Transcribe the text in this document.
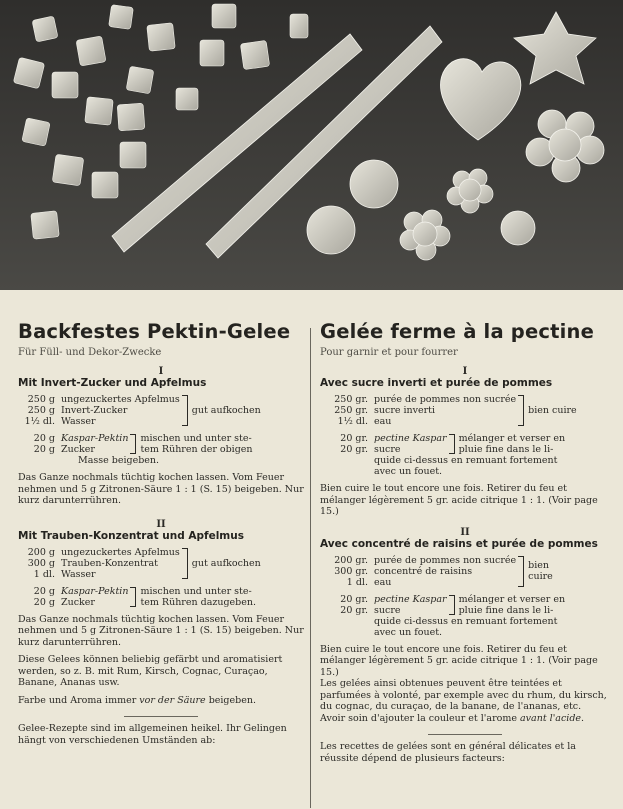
Backfestes Pektin-Gelee
Für Füll- und Dekor-Zwecke
I
Mit Invert-Zucker und Apfelmus
250 g ungezuckertes Apfelmus
250 g Invert-Zucker
1½ dl. Wasser
gut aufkochen
20 g Kaspar-Pektin
20 g Zucker
mischen und unter ste-
tem Rühren der obigen
Masse beigeben.
Das Ganze nochmals tüchtig kochen lassen. Vom Feuer nehmen und 5 g Zitronen-Säure 1 : 1 (S. 15) beigeben. Nur kurz darunterrühren.
II
Mit Trauben-Konzentrat und Apfelmus
200 g ungezuckertes Apfelmus
300 g Trauben-Konzentrat
1 dl. Wasser
gut aufkochen
20 g Kaspar-Pektin
20 g Zucker
mischen und unter ste-
tem Rühren dazugeben.
Das Ganze nochmals tüchtig kochen lassen. Vom Feuer nehmen und 5 g Zitronen-Säure 1 : 1 (S. 15) beigeben. Nur kurz darunterrühren.
Diese Gelees können beliebig gefärbt und aromatisiert werden, so z. B. mit Rum, Kirsch, Cognac, Curaçao, Banane, Ananas usw.
Farbe und Aroma immer vor der Säure beigeben.
Gelee-Rezepte sind im allgemeinen heikel. Ihr Gelingen hängt von verschiedenen Umständen ab:
Gelée ferme à la pectine
Pour garnir et pour fourrer
I
Avec sucre inverti et purée de pommes
250 gr. purée de pommes non sucrée
250 gr. sucre inverti
1½ dl. eau
bien cuire
20 gr. pectine Kaspar
20 gr. sucre
mélanger et verser en
pluie fine dans le li-
quide ci-dessus en remuant fortement
avec un fouet.
Bien cuire le tout encore une fois. Retirer du feu et mélanger légèrement 5 gr. acide citrique 1 : 1. (Voir page 15.)
II
Avec concentré de raisins et purée de pommes
200 gr. purée de pommes non sucrée
300 gr. concentré de raisins
1 dl. eau
bien
cuire
20 gr. pectine Kaspar
20 gr. sucre
mélanger et verser en
pluie fine dans le li-
quide ci-dessus en remuant fortement
avec un fouet.
Bien cuire le tout encore une fois. Retirer du feu et mélanger légèrement 5 gr. acide citrique 1 : 1. (Voir page 15.)
Les gelées ainsi obtenues peuvent être teintées et parfumées à volonté, par exemple avec du rhum, du kirsch, du cognac, du curaçao, de la banane, de l'ananas, etc.
Avoir soin d'ajouter la couleur et l'arome avant l'acide.
Les recettes de gelées sont en général délicates et la réussite dépend de plusieurs facteurs:
